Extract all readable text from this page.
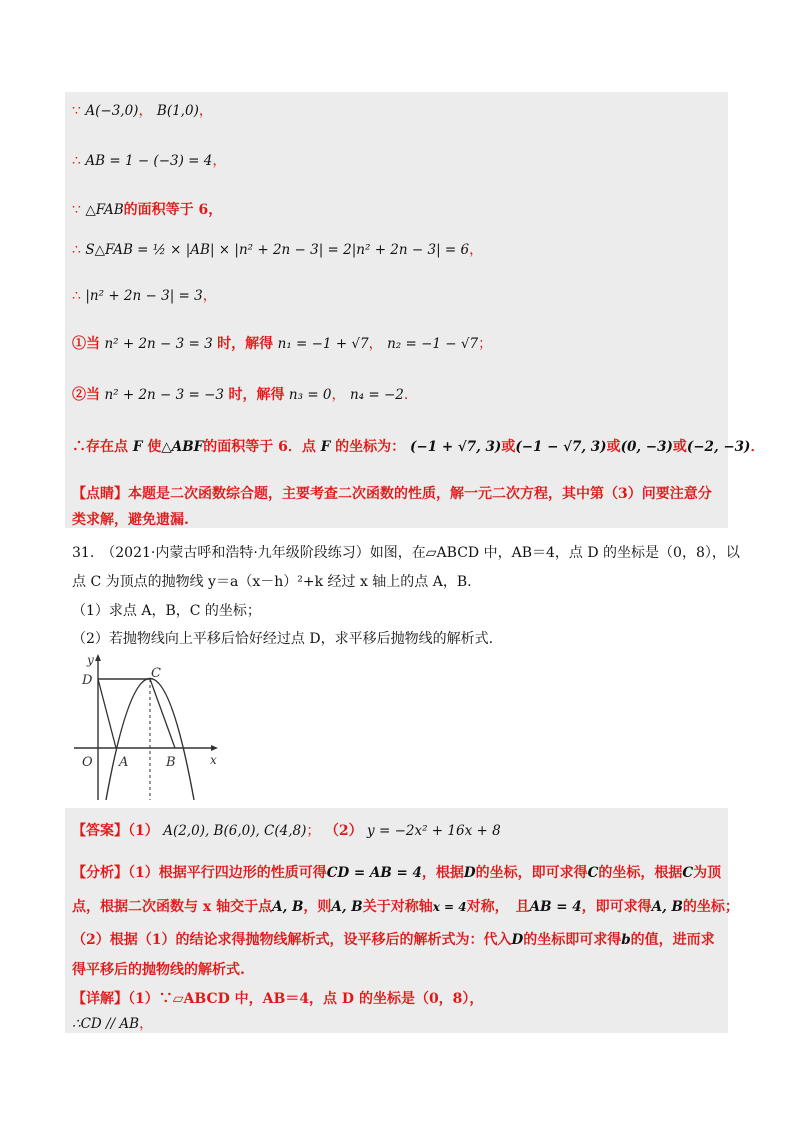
∵ A(−3,0)， B(1,0)，
∴ AB = 1 − (−3) = 4，
∵ △FAB的面积等于 6，
∴ S△FAB = ½ × |AB| × |n² + 2n − 3| = 2|n² + 2n − 3| = 6，
∴ |n² + 2n − 3| = 3，
①当 n² + 2n − 3 = 3 时，解得 n₁ = −1 + √7， n₂ = −1 − √7；
②当 n² + 2n − 3 = −3 时，解得 n₃ = 0， n₄ = −2．
∴存在点 F 使△ABF的面积等于 6．点 F 的坐标为： (−1 + √7, 3)或(−1 − √7, 3)或(0, −3)或(−2, −3)．
【点睛】本题是二次函数综合题，主要考查二次函数的性质，解一元二次方程，其中第（3）问要注意分
类求解，避免遗漏.
31.　（2021·内蒙古呼和浩特·九年级阶段练习）如图，在▱ABCD 中，AB＝4，点 D 的坐标是（0，8），以
点 C 为顶点的抛物线 y＝a（x－h）²+k 经过 x 轴上的点 A，B.
（1）求点 A，B，C 的坐标；
（2）若抛物线向上平移后恰好经过点 D，求平移后抛物线的解析式.
y
x
D	C
O A	B
【答案】（1） A(2,0), B(6,0), C(4,8)； （2） y = −2x² + 16x + 8
【分析】（1）根据平行四边形的性质可得CD = AB = 4，根据D的坐标，即可求得C的坐标，根据C为顶
点，根据二次函数与 x 轴交于点A, B，则A, B关于对称轴x = 4对称，　且AB = 4，即可求得A, B的坐标；
（2）根据（1）的结论求得抛物线解析式，设平移后的解析式为：代入D的坐标即可求得b的值，进而求
得平移后的抛物线的解析式.
【详解】（1）∵▱ABCD 中，AB＝4，点 D 的坐标是（0，8），
∴CD // AB，
